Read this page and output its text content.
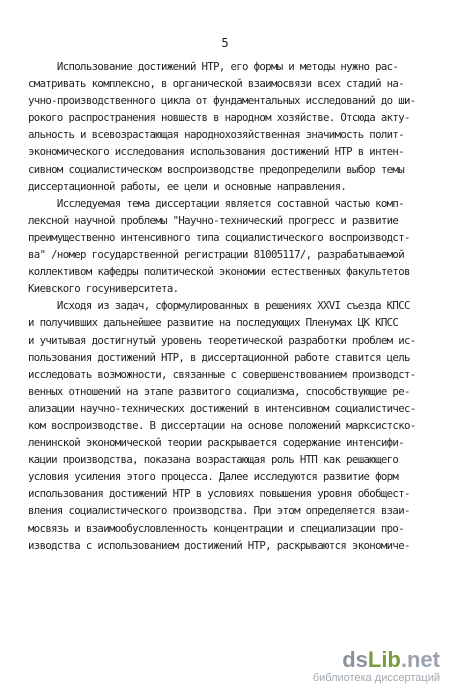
5
Использование достижений НТР, его формы и методы нужно рас-
сматривать комплексно, в органической взаимосвязи всех стадий на-
учно-производственного цикла от фундаментальных исследований до ши-
рокого распространения новшеств в народном хозяйстве. Отсюда акту-
альность и всевозрастающая народнохозяйственная значимость полит-
экономического исследования использования достижений НТР в интен-
сивном социалистическом воспроизводстве предопределили выбор темы
диссертационной работы, ее цели и основные направления.
Исследуемая тема диссертации является составной частью комп-
лексной научной проблемы "Научно-технический прогресс и развитие
преимущественно интенсивного типа социалистического воспроизводст-
ва" /номер государственной регистрации 81005117/, разрабатываемой
коллективом кафедры политической экономии естественных факультетов
Киевского госуниверситета.
Исходя из задач, сформулированных в решениях XXVI съезда КПСС
и получивших дальнейшее развитие на последующих Пленумах ЦК КПСС
и учитывая достигнутый уровень теоретической разработки проблем ис-
пользования достижений НТР, в диссертационной работе ставится цель
исследовать возможности, связанные с совершенствованием производст-
венных отношений на этапе развитого социализма, способствующие ре-
ализации научно-технических достижений в интенсивном социалистичес-
ком воспроизводстве. В диссертации на основе положений марксистско-
ленинской экономической теории раскрывается содержание интенсифи-
кации производства, показана возрастающая роль НТП как решающего
условия усиления этого процесса. Далее исследуются развитие форм
использования достижений НТР в условиях повышения уровня обобщест-
вления социалистического производства. При этом определяется взаи-
мосвязь и взаимообусловленность концентрации и специализации про-
изводства с использованием достижений НТР, раскрываются экономиче-
dsLib.net
библиотека диссертаций
